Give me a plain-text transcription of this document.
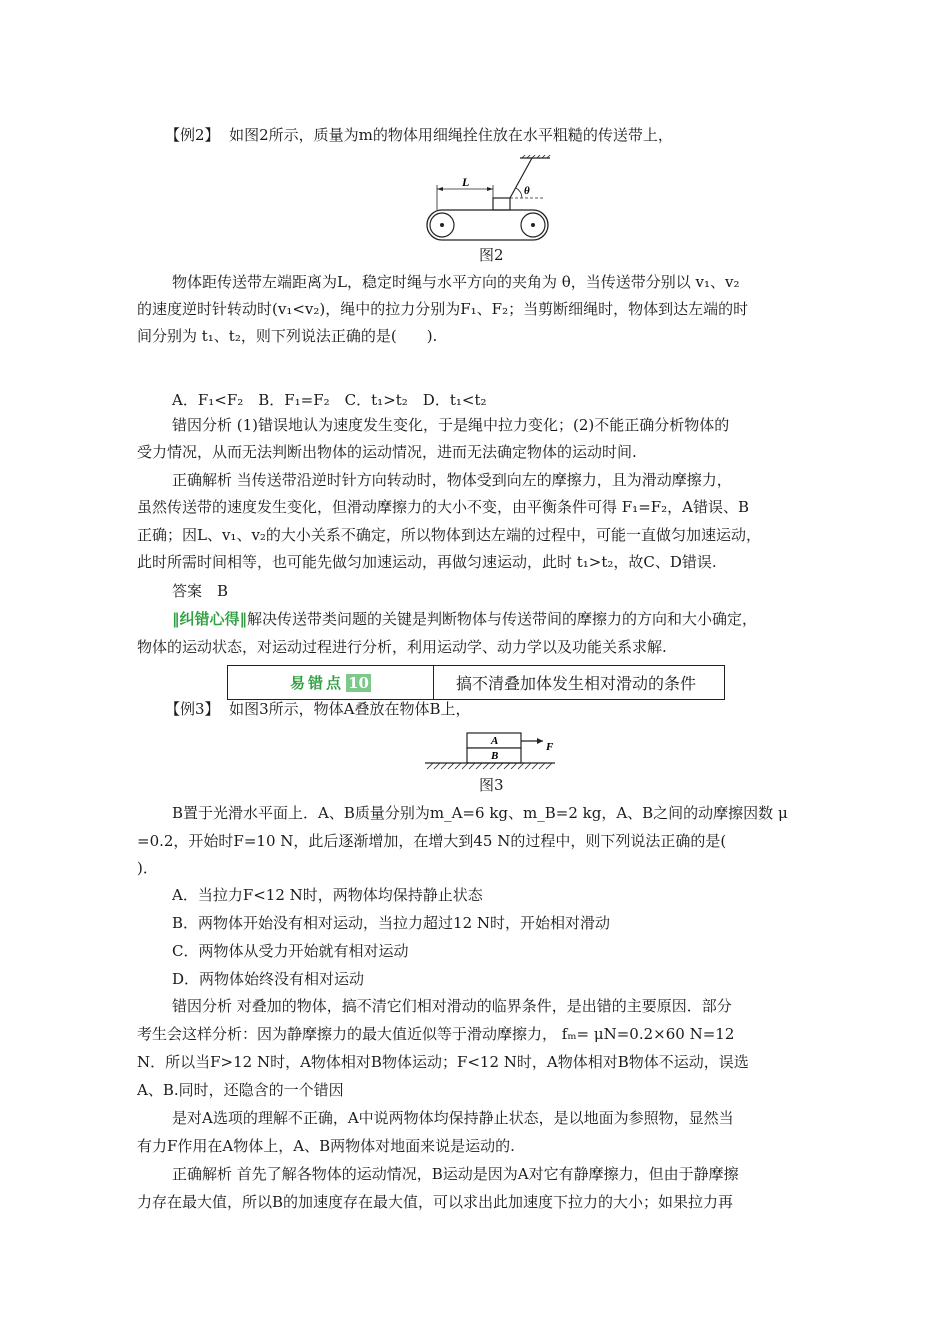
【例2】 如图2所示，质量为m的物体用细绳拴住放在水平粗糙的传送带上，
θ
L
图2
物体距传送带左端距离为L，稳定时绳与水平方向的夹角为 θ，当传送带分别以 v₁、v₂
的速度逆时针转动时(v₁<v₂)，绳中的拉力分别为F₁、F₂；当剪断细绳时，物体到达左端的时
间分别为 t₁、t₂，则下列说法正确的是(　　).
A．F₁<F₂　B．F₁=F₂　C．t₁>t₂　D．t₁<t₂
错因分析 (1)错误地认为速度发生变化，于是绳中拉力变化；(2)不能正确分析物体的
受力情况，从而无法判断出物体的运动情况，进而无法确定物体的运动时间.
正确解析 当传送带沿逆时针方向转动时，物体受到向左的摩擦力，且为滑动摩擦力，
虽然传送带的速度发生变化，但滑动摩擦力的大小不变，由平衡条件可得 F₁=F₂，A错误、B
正确；因L、v₁、v₂的大小关系不确定，所以物体到达左端的过程中，可能一直做匀加速运动，
此时所需时间相等，也可能先做匀加速运动，再做匀速运动，此时 t₁>t₂，故C、D错误.
答案　B
‖纠错心得‖解决传送带类问题的关键是判断物体与传送带间的摩擦力的方向和大小确定，
物体的运动状态，对运动过程进行分析，利用运动学、动力学以及功能关系求解.
易错点 10	搞不清叠加体发生相对滑动的条件
【例3】 如图3所示，物体A叠放在物体B上，
A
B
F
图3
B置于光滑水平面上．A、B质量分别为m_A=6 kg、m_B=2 kg，A、B之间的动摩擦因数 μ
=0.2，开始时F=10 N，此后逐渐增加，在增大到45 N的过程中，则下列说法正确的是(
)．
A．当拉力F<12 N时，两物体均保持静止状态
B．两物体开始没有相对运动，当拉力超过12 N时，开始相对滑动
C．两物体从受力开始就有相对运动
D．两物体始终没有相对运动
错因分析 对叠加的物体，搞不清它们相对滑动的临界条件，是出错的主要原因．部分
考生会这样分析：因为静摩擦力的最大值近似等于滑动摩擦力， fₘ= μN=0.2×60 N=12
N．所以当F>12 N时，A物体相对B物体运动；F<12 N时，A物体相对B物体不运动，误选
A、B.同时，还隐含的一个错因
是对A选项的理解不正确，A中说两物体均保持静止状态，是以地面为参照物，显然当
有力F作用在A物体上，A、B两物体对地面来说是运动的.
正确解析 首先了解各物体的运动情况，B运动是因为A对它有静摩擦力，但由于静摩擦
力存在最大值，所以B的加速度存在最大值，可以求出此加速度下拉力的大小；如果拉力再
